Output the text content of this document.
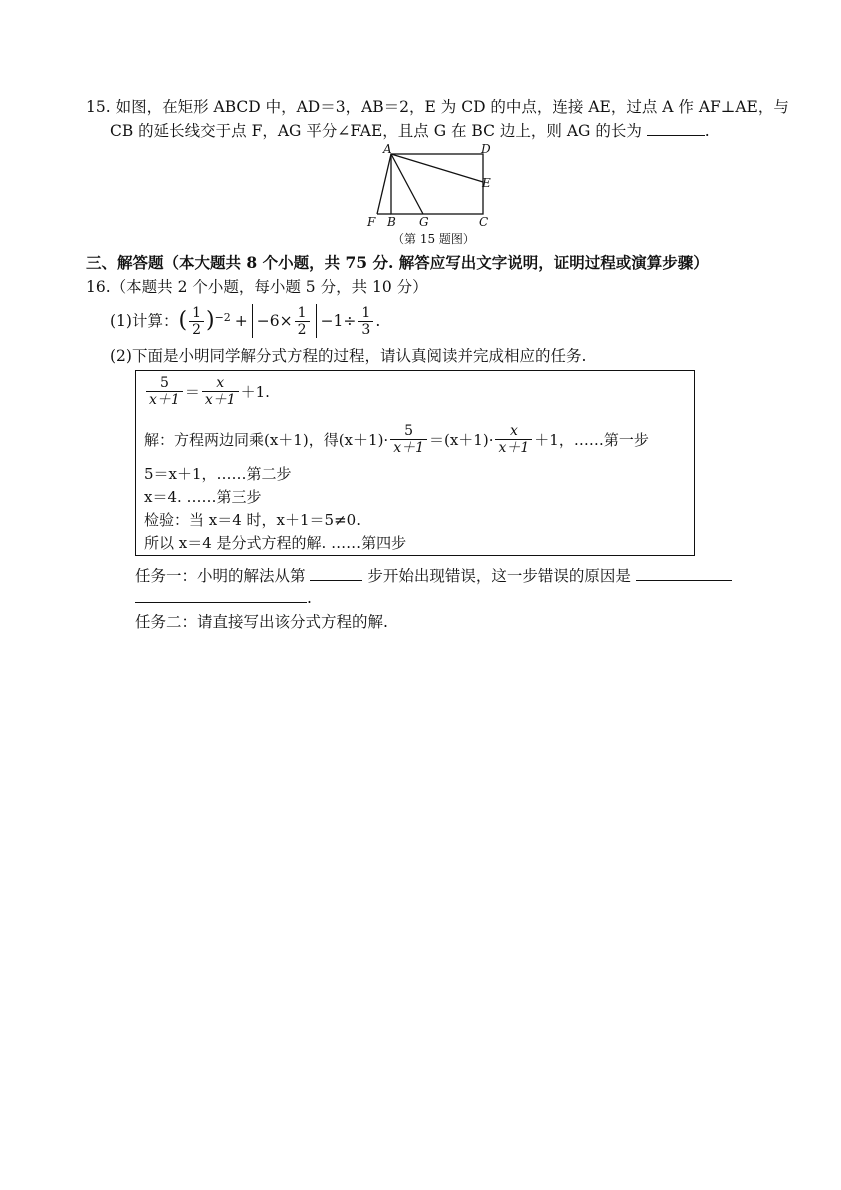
15. 如图，在矩形 ABCD 中，AD＝3，AB＝2，E 为 CD 的中点，连接 AE，过点 A 作 AF⊥AE，与
CB 的延长线交于点 F，AG 平分∠FAE，且点 G 在 BC 边上，则 AG 的长为	.
A	D
E
F B G	C
（第 15 题图）
三、解答题（本大题共 8 个小题，共 75 分. 解答应写出文字说明，证明过程或演算步骤）
16.（本题共 2 个小题，每小题 5 分，共 10 分）
(1)计算： ( $\frac{1}{2}$ ) $-2 + -6\times \frac{1}{2} -1\div \frac{1}{3}$ .
(2)下面是小明同学解分式方程的过程，请认真阅读并完成相应的任务.
$\frac{5}{x+1} = \frac{x}{x+1} +1$.
解：方程两边同乘(x＋1)，得$(x+1)\cdot \frac{5}{x+1} =(x+1)\cdot \frac{x}{x+1} +1$，……第一步
5＝x＋1，……第二步
x＝4. ……第三步
检验：当 x＝4 时，x＋1＝5≠0.
所以 x＝4 是分式方程的解. ……第四步
任务一：小明的解法从第	步开始出现错误，这一步错误的原因是
.
任务二：请直接写出该分式方程的解.
